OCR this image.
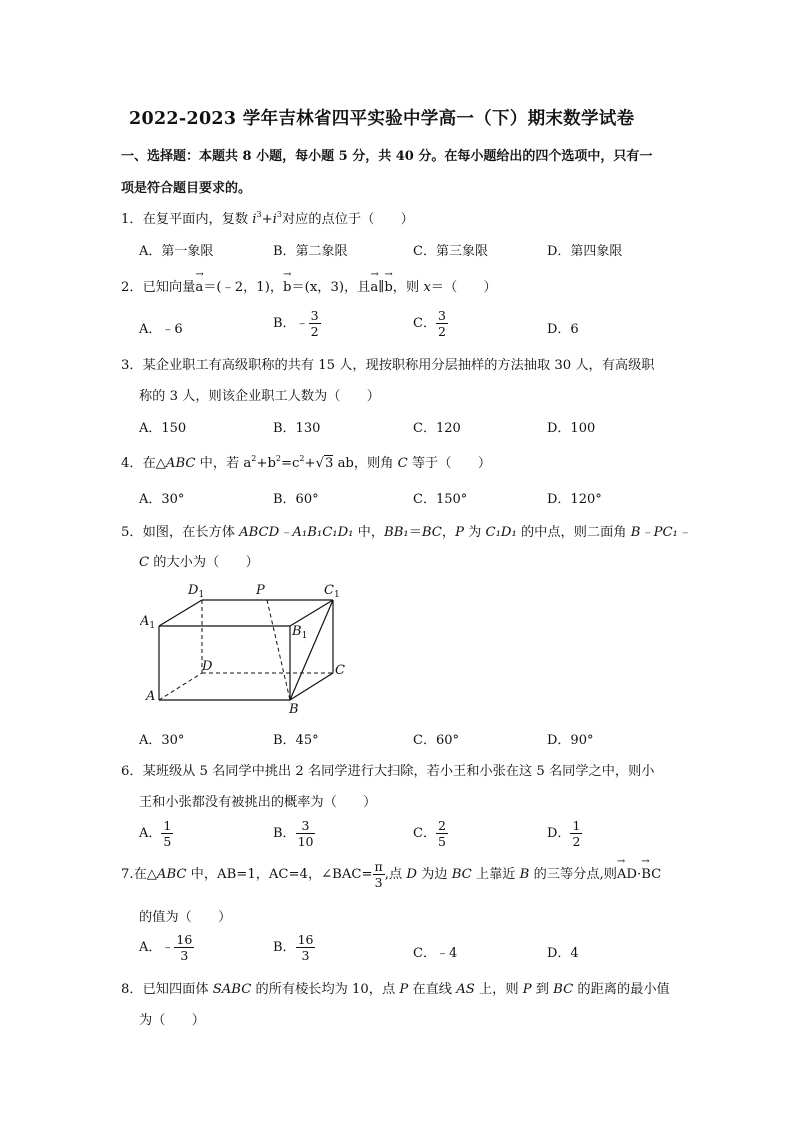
2022-2023 学年吉林省四平实验中学高一（下）期末数学试卷
一、选择题：本题共 8 小题，每小题 5 分，共 40 分。在每小题给出的四个选项中，只有一
项是符合题目要求的。
1．在复平面内，复数 $i^3+i^3$对应的点位于（　　）
A．第一象限	B．第二象限	C．第三象限	D．第四象限
2．已知向量→ a＝(﹣2，1)，→ b＝(x，3)，且→ a∥→ b，则 x＝（　　）
A．﹣6	B．﹣ $\frac{3}{2}$	C． $\frac{3}{2}$	D．6
3．某企业职工有高级职称的共有 15 人，现按职称用分层抽样的方法抽取 30 人，有高级职
称的 3 人，则该企业职工人数为（　　）
A．150	B．130	C．120	D．100
4．在△ABC 中，若 $a^2+b^2=c^2+√3$ ab，则角 C 等于（　　）
A．30°	B．60°	C．150°	D．120°
5．如图，在长方体 ABCD﹣A₁B₁C₁D₁ 中，BB₁＝BC，P 为 C₁D₁ 的中点，则二面角 B﹣PC₁﹣
C 的大小为（　　）
$D_1$	P	$C_1$
$A_1$	$B_1$
D	C
A
B
A．30°	B．45°	C．60°	D．90°
6．某班级从 5 名同学中挑出 2 名同学进行大扫除，若小王和小张在这 5 名同学之中，则小
王和小张都没有被挑出的概率为（　　）
A． $\frac{1}{5}$	B． $\frac{3}{10}$	C． $\frac{2}{5}$	D． $\frac{1}{2}$
7.在△ABC 中，AB=1，AC=4，∠BAC= $\frac{\pi}{3}$ ,点 D 为边 BC 上靠近 B 的三等分点,则→ AD·→ BC
的值为（　　）
A．﹣ $\frac{16}{3}$	B． $\frac{16}{3}$	C．﹣4	D．4
8．已知四面体 SABC 的所有棱长均为 10，点 P 在直线 AS 上，则 P 到 BC 的距离的最小值
为（　　）
